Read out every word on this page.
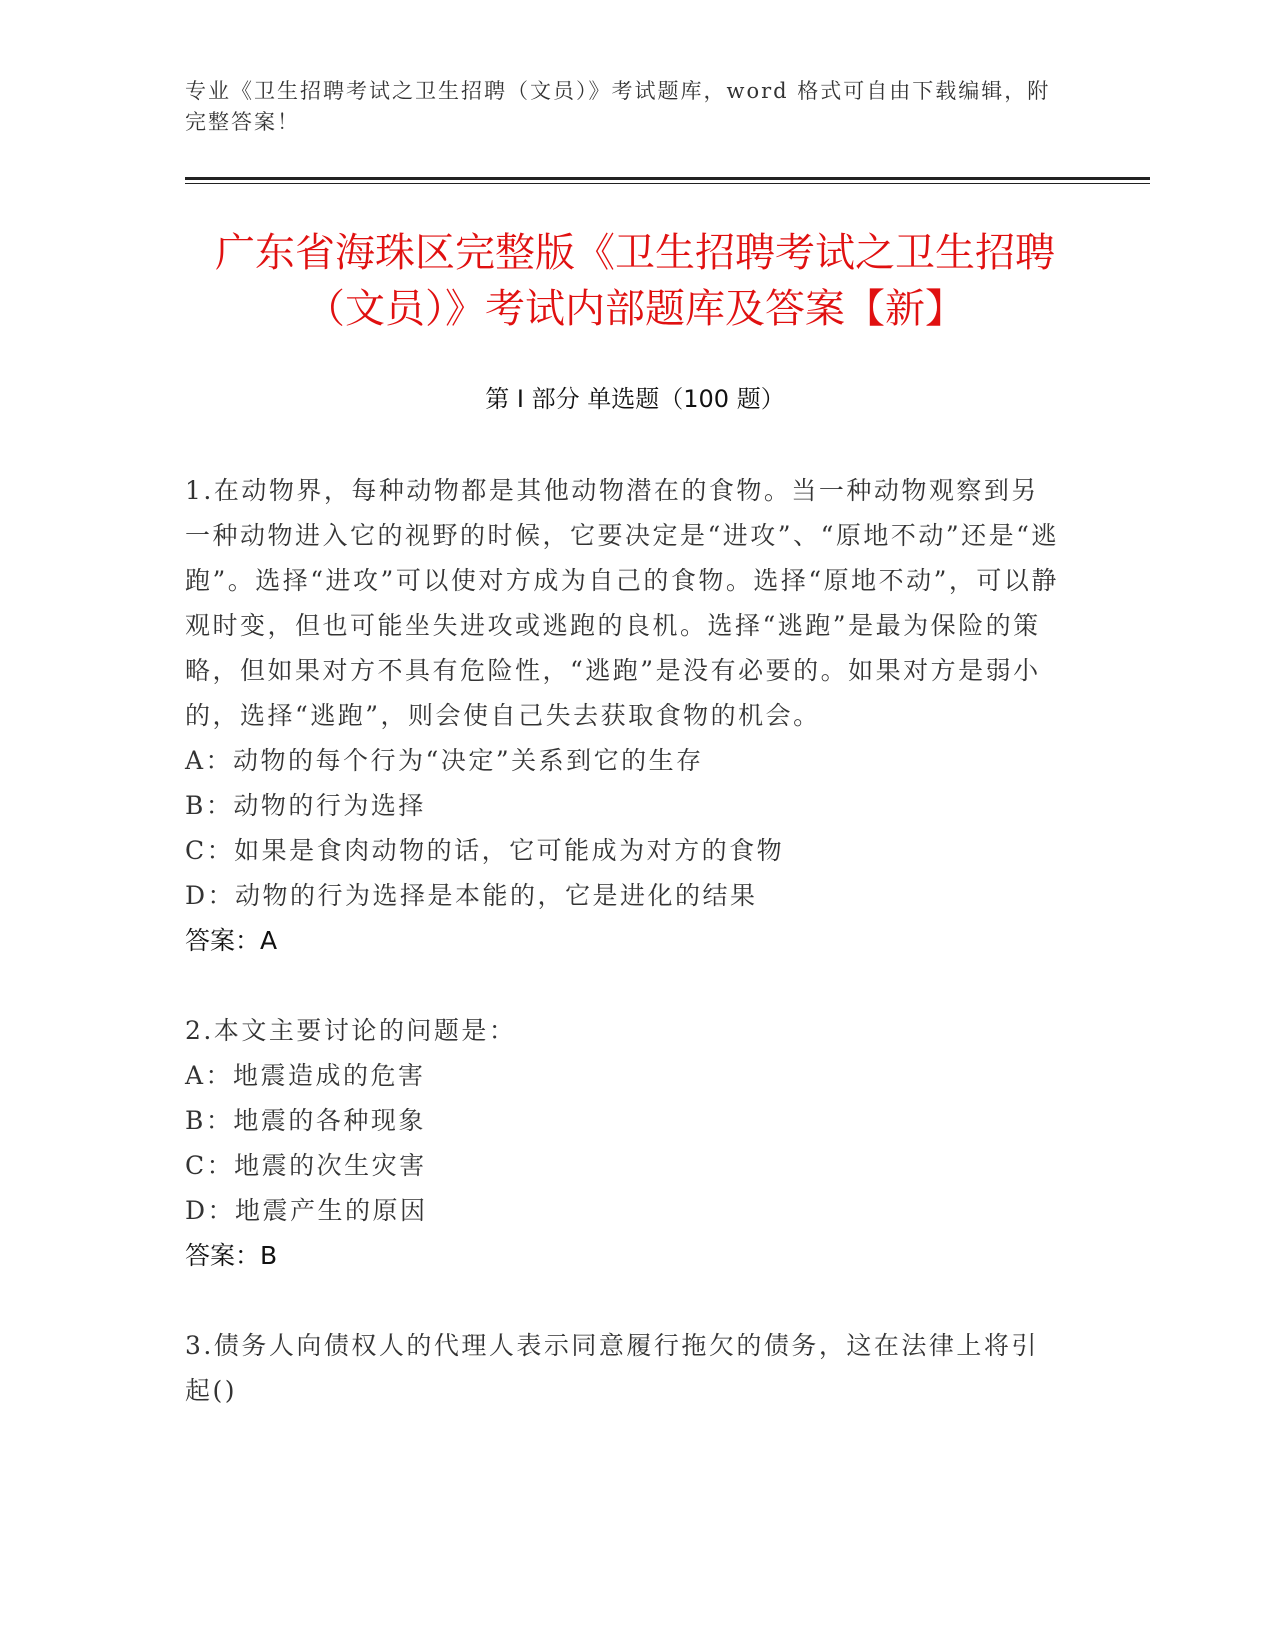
专业《卫生招聘考试之卫生招聘（文员）》考试题库，word 格式可自由下载编辑，附完整答案！
广东省海珠区完整版《卫生招聘考试之卫生招聘（文员）》考试内部题库及答案【新】
第 I 部分 单选题（100 题）
1.在动物界，每种动物都是其他动物潜在的食物。当一种动物观察到另一种动物进入它的视野的时候，它要决定是“进攻”、“原地不动”还是“逃跑”。选择“进攻”可以使对方成为自己的食物。选择“原地不动”，可以静观时变，但也可能坐失进攻或逃跑的良机。选择“逃跑”是最为保险的策略，但如果对方不具有危险性，“逃跑”是没有必要的。如果对方是弱小的，选择“逃跑”，则会使自己失去获取食物的机会。
A：动物的每个行为“决定”关系到它的生存
B：动物的行为选择
C：如果是食肉动物的话，它可能成为对方的食物
D：动物的行为选择是本能的，它是进化的结果
答案：A
2.本文主要讨论的问题是：
A：地震造成的危害
B：地震的各种现象
C：地震的次生灾害
D：地震产生的原因
答案：B
3.债务人向债权人的代理人表示同意履行拖欠的债务，这在法律上将引起()
